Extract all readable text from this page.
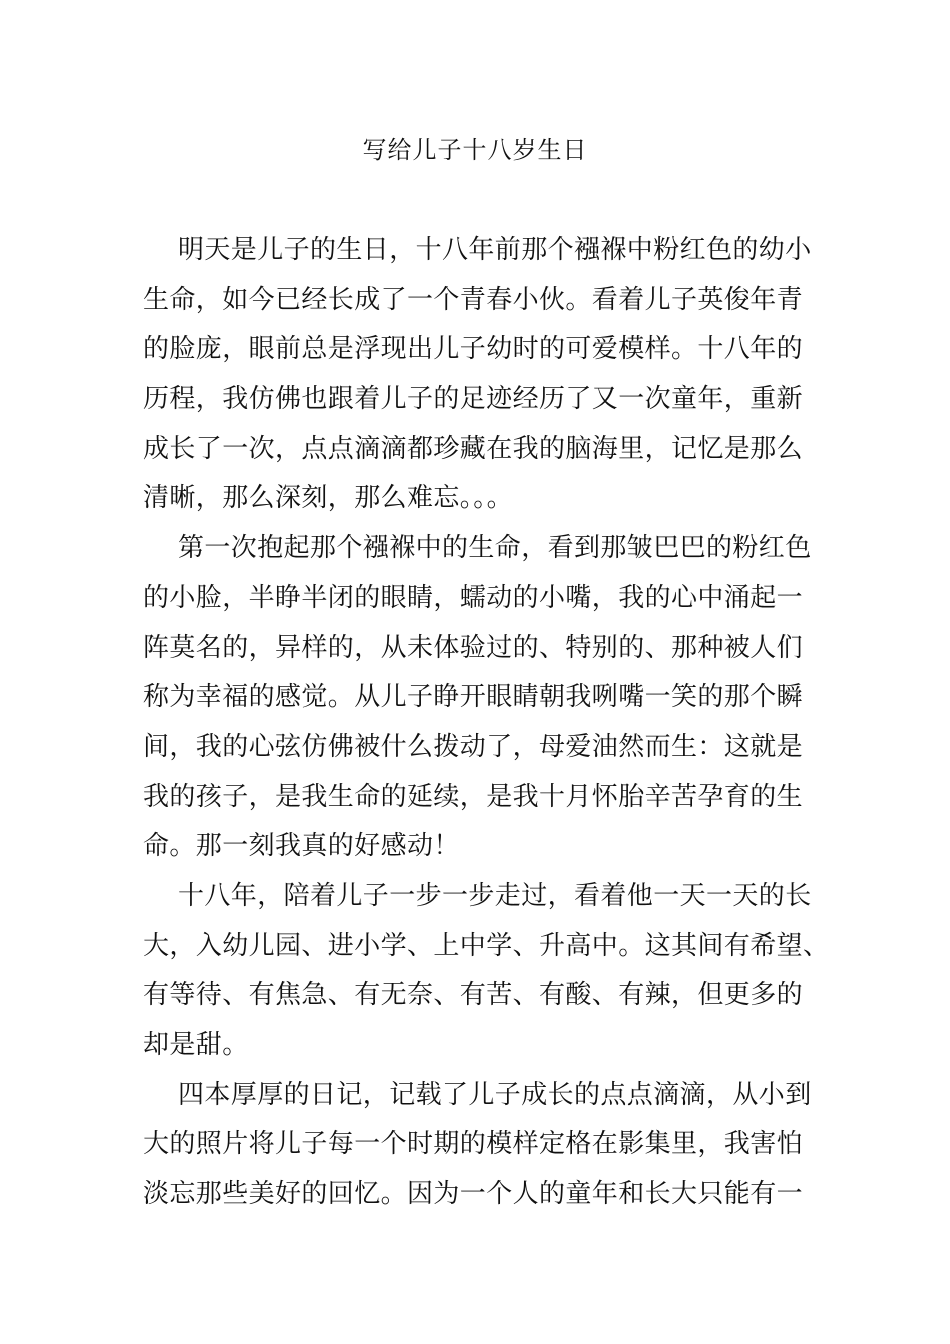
写给儿子十八岁生日
明天是儿子的生日，十八年前那个襁褓中粉红色的幼小
生命，如今已经长成了一个青春小伙。看着儿子英俊年青
的脸庞，眼前总是浮现出儿子幼时的可爱模样。十八年的
历程，我仿佛也跟着儿子的足迹经历了又一次童年，重新
成长了一次，点点滴滴都珍藏在我的脑海里，记忆是那么
清晰，那么深刻，那么难忘。。。
第一次抱起那个襁褓中的生命，看到那皱巴巴的粉红色
的小脸，半睁半闭的眼睛，蠕动的小嘴，我的心中涌起一
阵莫名的，异样的，从未体验过的、特别的、那种被人们
称为幸福的感觉。从儿子睁开眼睛朝我咧嘴一笑的那个瞬
间，我的心弦仿佛被什么拨动了，母爱油然而生：这就是
我的孩子，是我生命的延续，是我十月怀胎辛苦孕育的生
命。那一刻我真的好感动！
十八年，陪着儿子一步一步走过，看着他一天一天的长
大，入幼儿园、进小学、上中学、升高中。这其间有希望、
有等待、有焦急、有无奈、有苦、有酸、有辣，但更多的
却是甜。
四本厚厚的日记，记载了儿子成长的点点滴滴，从小到
大的照片将儿子每一个时期的模样定格在影集里，我害怕
淡忘那些美好的回忆。因为一个人的童年和长大只能有一
